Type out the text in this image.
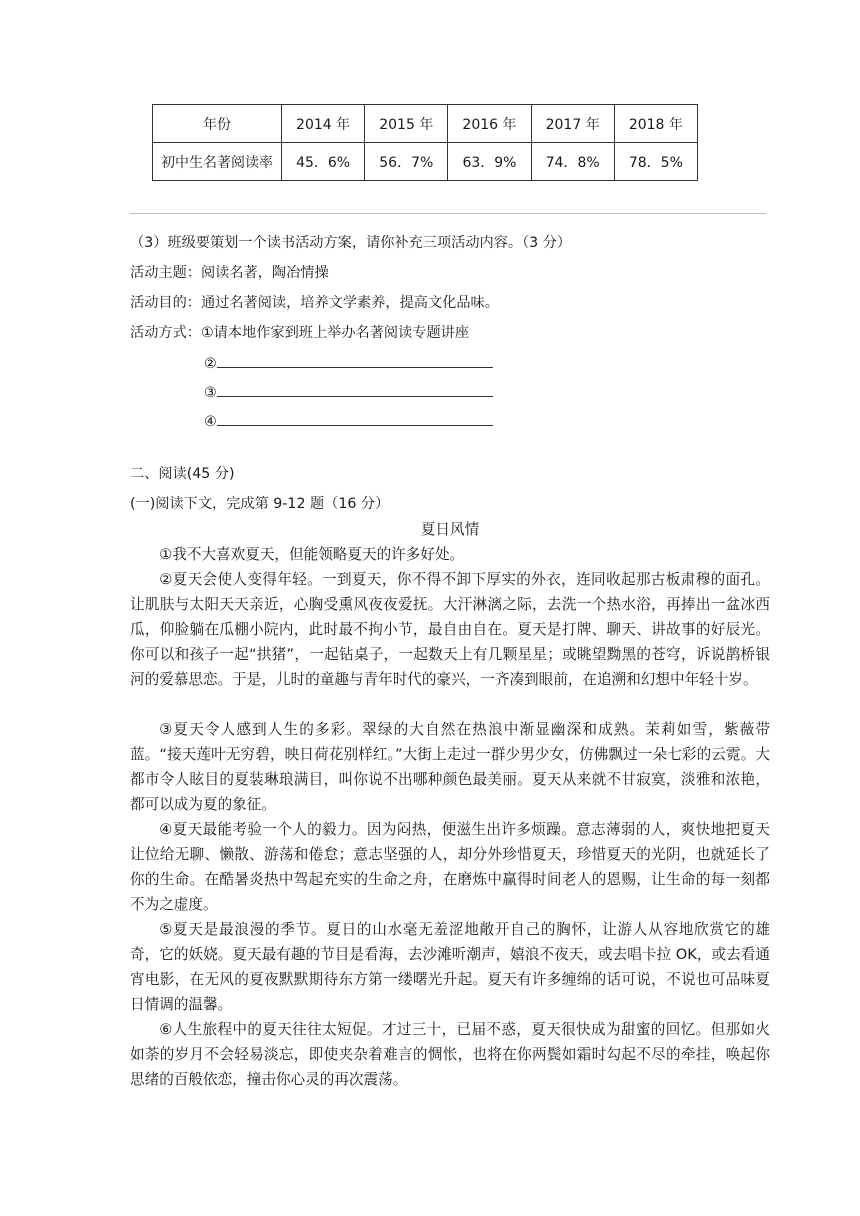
年份	2014 年	2015 年	2016 年	2017 年	2018 年
初中生名著阅读率	45．6%	56．7%	63．9%	74．8%	78．5%
（3）班级要策划一个读书活动方案，请你补充三项活动内容。（3 分）
活动主题：阅读名著，陶冶情操
活动目的：通过名著阅读，培养文学素养，提高文化品味。
活动方式：①请本地作家到班上举办名著阅读专题讲座
②
③
④
二、阅读(45 分)
(一)阅读下文，完成第 9-12 题（16 分）
夏日风情
①我不大喜欢夏天，但能领略夏天的许多好处。
②夏天会使人变得年轻。一到夏天，你不得不卸下厚实的外衣，连同收起那古板肃穆的面孔。让肌肤与太阳天天亲近，心胸受熏风夜夜爱抚。大汗淋漓之际，去洗一个热水浴，再捧出一盆冰西瓜，仰脸躺在瓜棚小院内，此时最不拘小节，最自由自在。夏天是打牌、聊天、讲故事的好辰光。你可以和孩子一起“拱猪”，一起钻桌子，一起数天上有几颗星星；或眺望黝黑的苍穹，诉说鹊桥银河的爱慕思恋。于是，儿时的童趣与青年时代的豪兴，一齐凑到眼前，在追溯和幻想中年轻十岁。
③夏天令人感到人生的多彩。翠绿的大自然在热浪中渐显幽深和成熟。茉莉如雪，紫薇带蓝。“接天莲叶无穷碧，映日荷花别样红。”大街上走过一群少男少女，仿佛飘过一朵七彩的云霓。大都市令人眩目的夏装琳琅满目，叫你说不出哪种颜色最美丽。夏天从来就不甘寂寞，淡雅和浓艳，都可以成为夏的象征。
④夏天最能考验一个人的毅力。因为闷热，便滋生出许多烦躁。意志薄弱的人，爽快地把夏天让位给无聊、懒散、游荡和倦怠；意志坚强的人，却分外珍惜夏天，珍惜夏天的光阴，也就延长了你的生命。在酷暑炎热中驾起充实的生命之舟，在磨炼中赢得时间老人的恩赐，让生命的每一刻都不为之虚度。
⑤夏天是最浪漫的季节。夏日的山水毫无羞涩地敞开自己的胸怀，让游人从容地欣赏它的雄奇，它的妖娆。夏天最有趣的节目是看海，去沙滩听潮声，嬉浪不夜天，或去唱卡拉 OK，或去看通宵电影，在无风的夏夜默默期待东方第一缕曙光升起。夏天有许多缠绵的话可说，不说也可品味夏日情调的温馨。
⑥人生旅程中的夏天往往太短促。才过三十，已届不惑，夏天很快成为甜蜜的回忆。但那如火如荼的岁月不会轻易淡忘，即使夹杂着难言的惆怅，也将在你两鬓如霜时勾起不尽的牵挂，唤起你思绪的百般依恋，撞击你心灵的再次震荡。
